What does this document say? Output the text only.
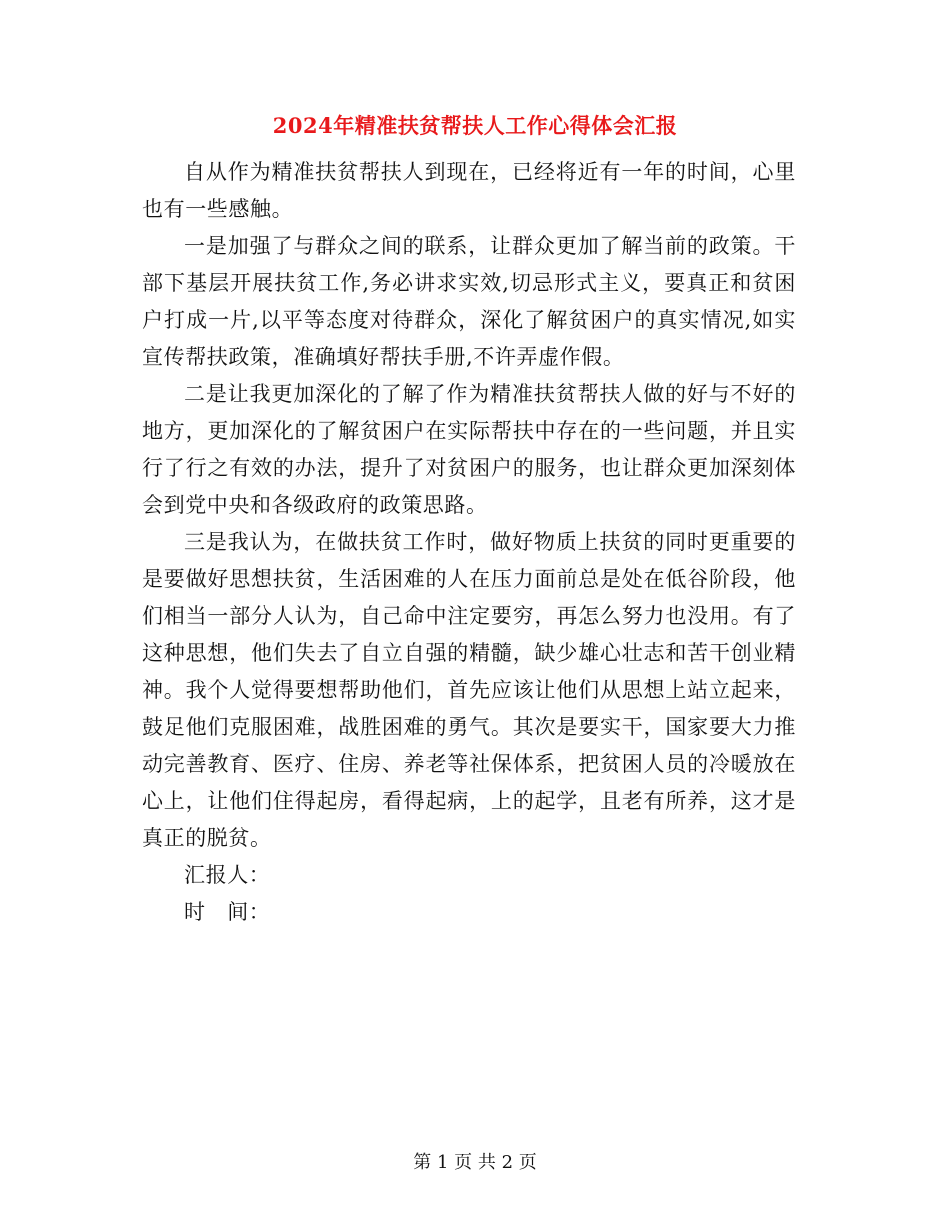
2024年精准扶贫帮扶人工作心得体会汇报

自从作为精准扶贫帮扶人到现在，已经将近有一年的时间，心里也有一些感触。

一是加强了与群众之间的联系，让群众更加了解当前的政策。干部下基层开展扶贫工作,务必讲求实效,切忌形式主义，要真正和贫困户打成一片,以平等态度对待群众，深化了解贫困户的真实情况,如实宣传帮扶政策，准确填好帮扶手册,不许弄虚作假。

二是让我更加深化的了解了作为精准扶贫帮扶人做的好与不好的地方，更加深化的了解贫困户在实际帮扶中存在的一些问题，并且实行了行之有效的办法，提升了对贫困户的服务，也让群众更加深刻体会到党中央和各级政府的政策思路。

三是我认为，在做扶贫工作时，做好物质上扶贫的同时更重要的是要做好思想扶贫，生活困难的人在压力面前总是处在低谷阶段，他们相当一部分人认为，自己命中注定要穷，再怎么努力也没用。有了这种思想，他们失去了自立自强的精髓，缺少雄心壮志和苦干创业精神。我个人觉得要想帮助他们，首先应该让他们从思想上站立起来，鼓足他们克服困难，战胜困难的勇气。其次是要实干，国家要大力推动完善教育、医疗、住房、养老等社保体系，把贫困人员的冷暖放在心上，让他们住得起房，看得起病，上的起学，且老有所养，这才是真正的脱贫。

汇报人：

时　间：

第 1 页 共 2 页
